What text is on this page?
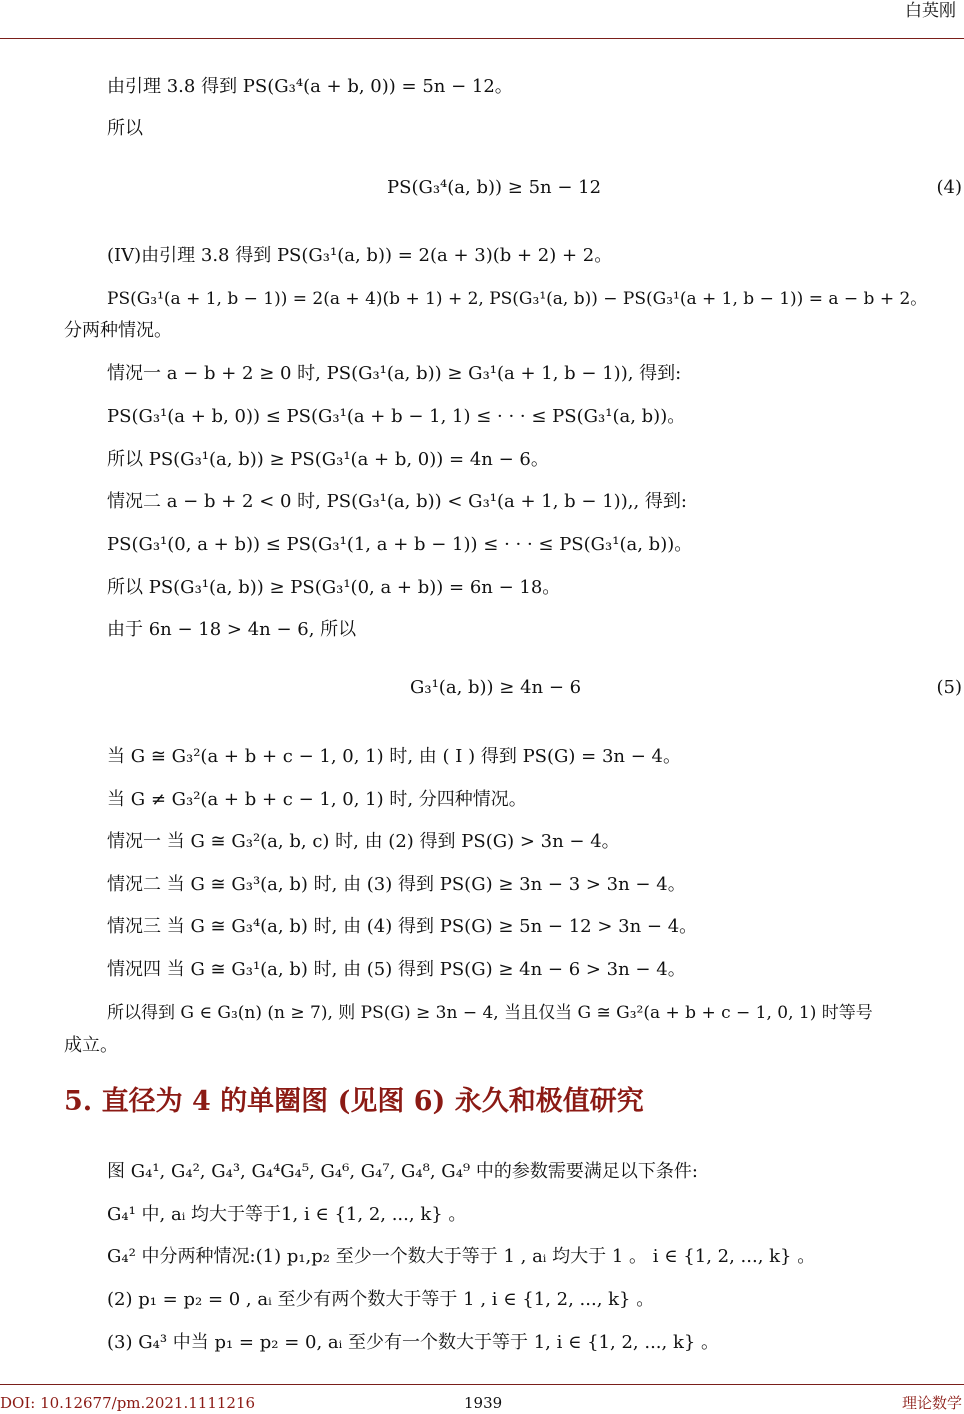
白英刚
由引理 3.8 得到 PS(G₃⁴(a + b, 0)) = 5n − 12。
所以
PS(G₃⁴(a, b)) ≥ 5n − 12	(4)
(IV)由引理 3.8 得到 PS(G₃¹(a, b)) = 2(a + 3)(b + 2) + 2。
PS(G₃¹(a + 1, b − 1)) = 2(a + 4)(b + 1) + 2, PS(G₃¹(a, b)) − PS(G₃¹(a + 1, b − 1)) = a − b + 2。
分两种情况。
情况一 a − b + 2 ≥ 0 时, PS(G₃¹(a, b)) ≥ G₃¹(a + 1, b − 1)), 得到:
PS(G₃¹(a + b, 0)) ≤ PS(G₃¹(a + b − 1, 1) ≤ · · · ≤ PS(G₃¹(a, b))。
所以 PS(G₃¹(a, b)) ≥ PS(G₃¹(a + b, 0)) = 4n − 6。
情况二 a − b + 2 < 0 时, PS(G₃¹(a, b)) < G₃¹(a + 1, b − 1)),, 得到:
PS(G₃¹(0, a + b)) ≤ PS(G₃¹(1, a + b − 1)) ≤ · · · ≤ PS(G₃¹(a, b))。
所以 PS(G₃¹(a, b)) ≥ PS(G₃¹(0, a + b)) = 6n − 18。
由于 6n − 18 > 4n − 6, 所以
G₃¹(a, b)) ≥ 4n − 6	(5)
当 G ≅ G₃²(a + b + c − 1, 0, 1) 时, 由 ( Ⅰ ) 得到 PS(G) = 3n − 4。
当 G ≠ G₃²(a + b + c − 1, 0, 1) 时, 分四种情况。
情况一 当 G ≅ G₃²(a, b, c) 时, 由 (2) 得到 PS(G) > 3n − 4。
情况二 当 G ≅ G₃³(a, b) 时, 由 (3) 得到 PS(G) ≥ 3n − 3 > 3n − 4。
情况三 当 G ≅ G₃⁴(a, b) 时, 由 (4) 得到 PS(G) ≥ 5n − 12 > 3n − 4。
情况四 当 G ≅ G₃¹(a, b) 时, 由 (5) 得到 PS(G) ≥ 4n − 6 > 3n − 4。
所以得到 G ∈ G₃(n) (n ≥ 7), 则 PS(G) ≥ 3n − 4, 当且仅当 G ≅ G₃²(a + b + c − 1, 0, 1) 时等号
成立。
5. 直径为 4 的单圈图 (见图 6) 永久和极值研究
图 G₄¹, G₄², G₄³, G₄⁴G₄⁵, G₄⁶, G₄⁷, G₄⁸, G₄⁹ 中的参数需要满足以下条件:
G₄¹ 中, aᵢ 均大于等于1, i ∈ {1, 2, ..., k} 。
G₄² 中分两种情况:(1) p₁,p₂ 至少一个数大于等于 1 , aᵢ 均大于 1 。 i ∈ {1, 2, ..., k} 。
(2) p₁ = p₂ = 0 , aᵢ 至少有两个数大于等于 1 , i ∈ {1, 2, ..., k} 。
(3) G₄³ 中当 p₁ = p₂ = 0, aᵢ 至少有一个数大于等于 1, i ∈ {1, 2, ..., k} 。
DOI: 10.12677/pm.2021.1111216	1939	理论数学
